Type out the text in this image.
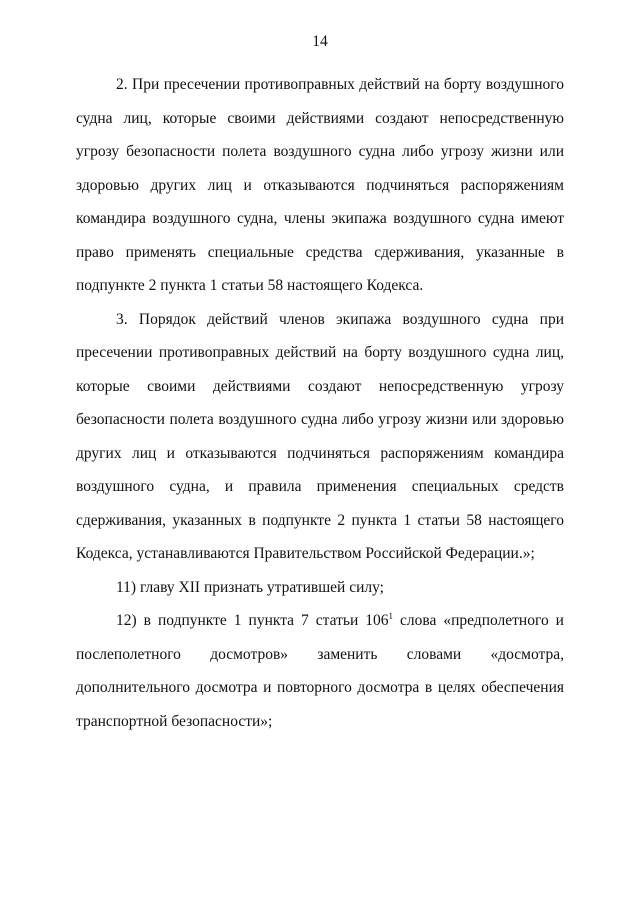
14

2. При пресечении противоправных действий на борту воздушного судна лиц, которые своими действиями создают непосредственную угрозу безопасности полета воздушного судна либо угрозу жизни или здоровью других лиц и отказываются подчиняться распоряжениям командира воздушного судна, члены экипажа воздушного судна имеют право применять специальные средства сдерживания, указанные в подпункте 2 пункта 1 статьи 58 настоящего Кодекса.

3. Порядок действий членов экипажа воздушного судна при пресечении противоправных действий на борту воздушного судна лиц, которые своими действиями создают непосредственную угрозу безопасности полета воздушного судна либо угрозу жизни или здоровью других лиц и отказываются подчиняться распоряжениям командира воздушного судна, и правила применения специальных средств сдерживания, указанных в подпункте 2 пункта 1 статьи 58 настоящего Кодекса, устанавливаются Правительством Российской Федерации.»;

11) главу XII признать утратившей силу;

12) в подпункте 1 пункта 7 статьи $106^1$ слова «предполетного и послеполетного досмотров» заменить словами «досмотра, дополнительного досмотра и повторного досмотра в целях обеспечения транспортной безопасности»;
